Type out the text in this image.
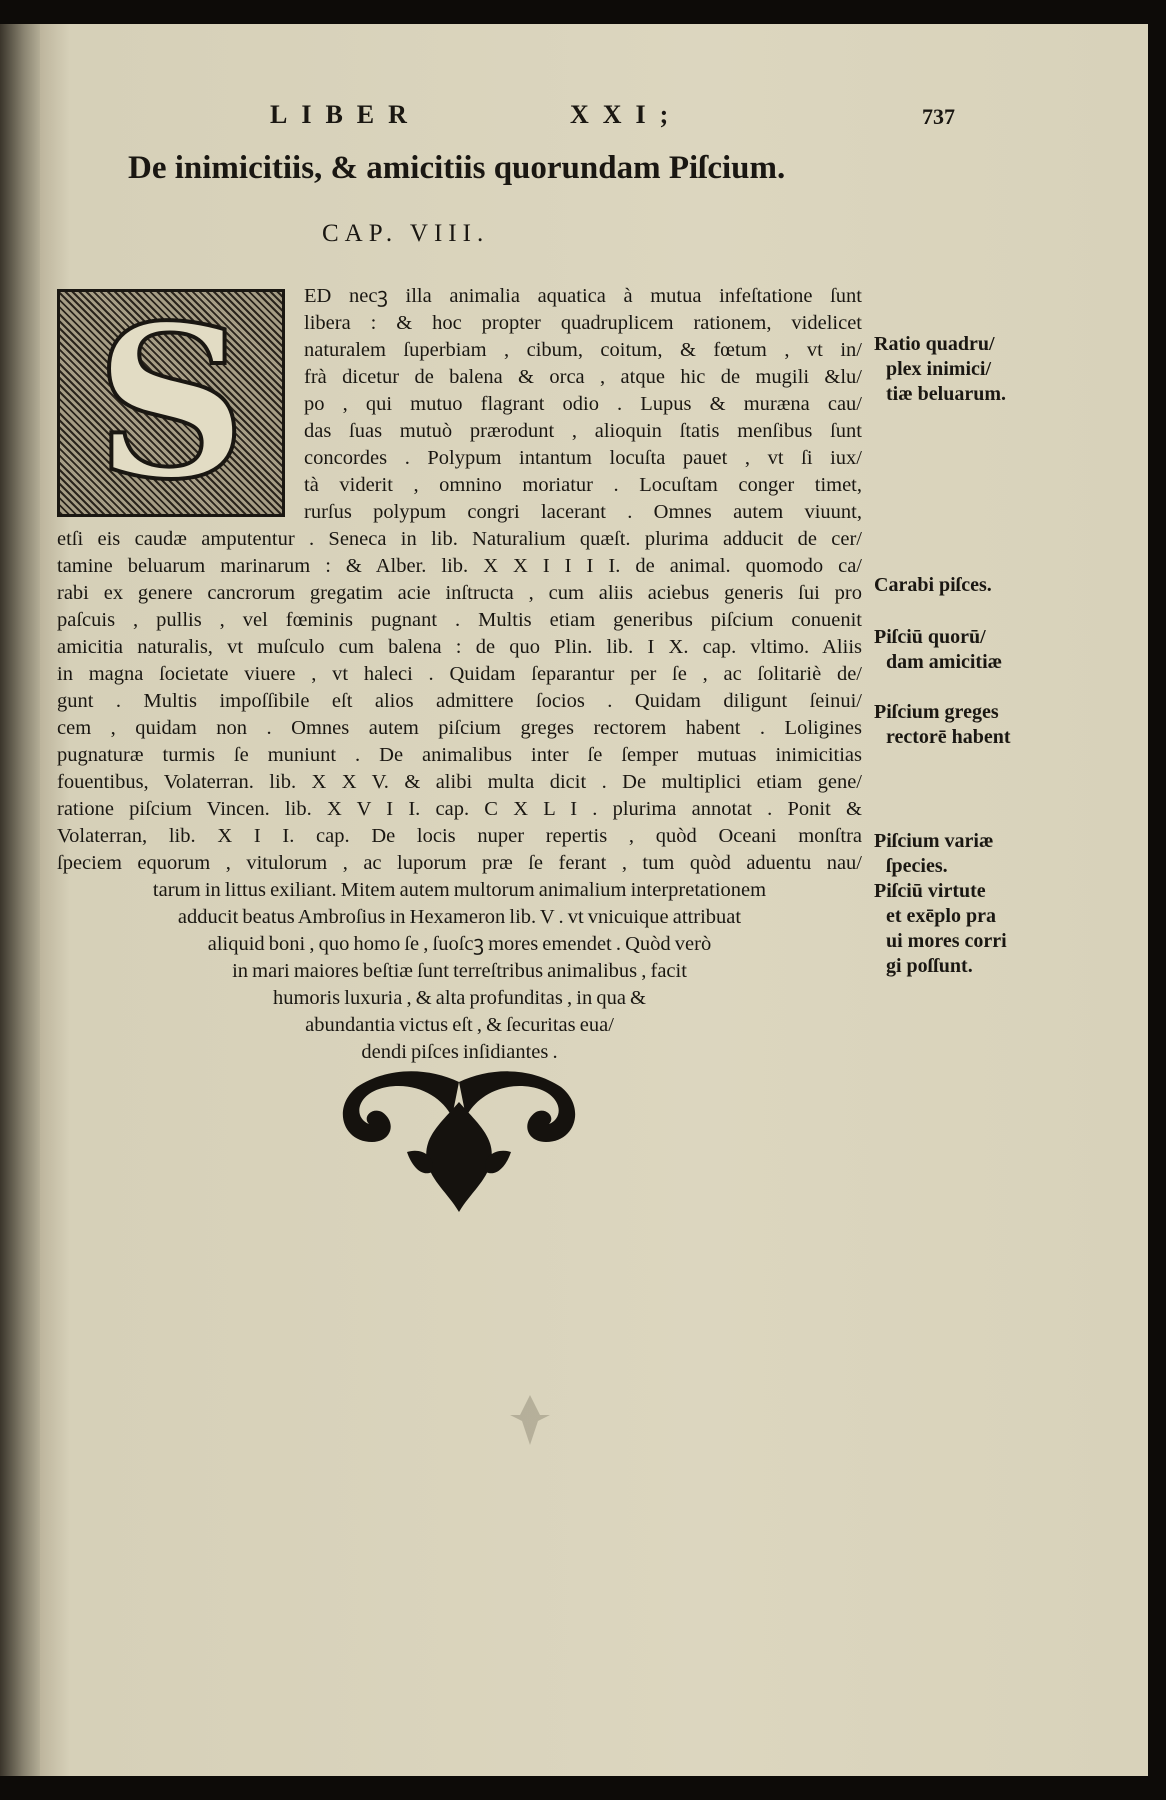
LIBER	XXI;	737
De inimicitiis, & amicitiis quorundam Piſcium.
CAP. VIII.
S	ED necꝫ illa animalia aquatica à mutua infeſtatione ſunt
libera : & hoc propter quadruplicem rationem, videlicet
naturalem ſuperbiam , cibum, coitum, & fœtum , vt in/
frà dicetur de balena & orca , atque hic de mugili &lu/
po , qui mutuo flagrant odio . Lupus & muræna cau/
das ſuas mutuò prærodunt , alioquin ſtatis menſibus ſunt
concordes . Polypum intantum locuſta pauet , vt ſi iux/
tà viderit , omnino moriatur . Locuſtam conger timet,
rurſus polypum congri lacerant . Omnes autem viuunt,
etſi eis caudæ amputentur . Seneca in lib. Naturalium quæſt. plurima adducit de cer/
tamine beluarum marinarum : & Alber. lib. X X I I I I. de animal. quomodo ca/
rabi ex genere cancrorum gregatim acie inſtructa , cum aliis aciebus generis ſui pro
paſcuis , pullis , vel fœminis pugnant . Multis etiam generibus piſcium conuenit
amicitia naturalis, vt muſculo cum balena : de quo Plin. lib. I X. cap. vltimo. Aliis
in magna ſocietate viuere , vt haleci . Quidam ſeparantur per ſe , ac ſolitariè de/
gunt . Multis impoſſibile eſt alios admittere ſocios . Quidam diligunt ſeinui/
cem , quidam non . Omnes autem piſcium greges rectorem habent . Loligines
pugnaturæ turmis ſe muniunt . De animalibus inter ſe ſemper mutuas inimicitias
fouentibus, Volaterran. lib. X X V. & alibi multa dicit . De multiplici etiam gene/
ratione piſcium Vincen. lib. X V I I. cap. C X L I . plurima annotat . Ponit &
Volaterran, lib. X I I. cap. De locis nuper repertis , quòd Oceani monſtra
ſpeciem equorum , vitulorum , ac luporum præ ſe ferant , tum quòd aduentu nau/
tarum in littus exiliant. Mitem autem multorum animalium interpretationem
adducit beatus Ambroſius in Hexameron lib. V . vt vnicuique attribuat
aliquid boni , quo homo ſe , ſuoſcꝫ mores emendet . Quòd verò
in mari maiores beſtiæ ſunt terreſtribus animalibus , facit
humoris luxuria , & alta profunditas , in qua &
abundantia victus eſt , & ſecuritas eua/
dendi piſces inſidiantes .
Ratio quadru/
plex inimici/
tiæ beluarum.
Carabi piſces.
Piſciū quorū/
dam amicitiæ
Piſcium greges
rectorē habent
Piſcium variæ
ſpecies.
Piſciū virtute
et exēplo pra
ui mores corri
gi poſſunt.
